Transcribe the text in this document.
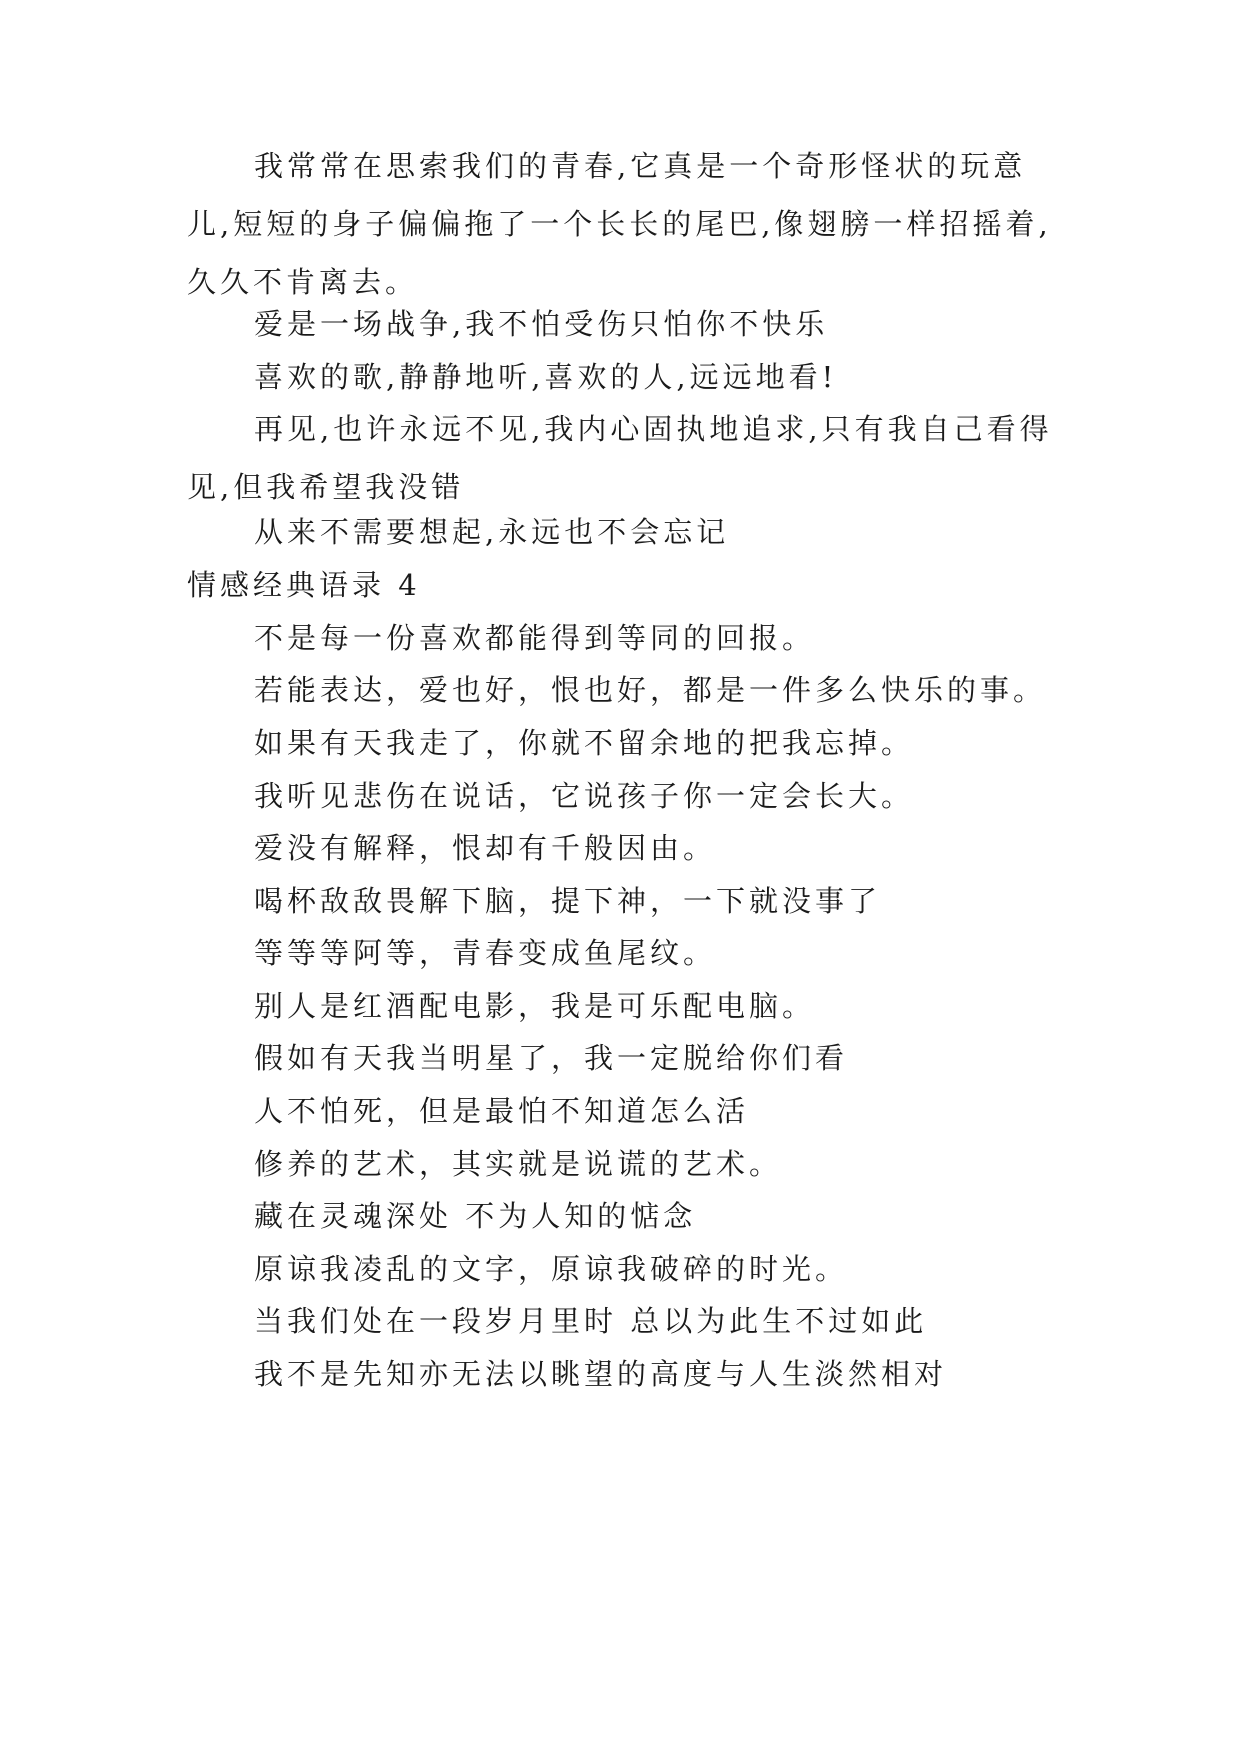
我常常在思索我们的青春,它真是一个奇形怪状的玩意儿,短短的身子偏偏拖了一个长长的尾巴,像翅膀一样招摇着,久久不肯离去。

爱是一场战争,我不怕受伤只怕你不快乐

喜欢的歌,静静地听,喜欢的人,远远地看!

再见,也许永远不见,我内心固执地追求,只有我自己看得见,但我希望我没错

从来不需要想起,永远也不会忘记

情感经典语录 4

不是每一份喜欢都能得到等同的回报。

若能表达，爱也好，恨也好，都是一件多么快乐的事。

如果有天我走了，你就不留余地的把我忘掉。

我听见悲伤在说话，它说孩子你一定会长大。

爱没有解释，恨却有千般因由。

喝杯敌敌畏解下脑，提下神，一下就没事了

等等等阿等，青春变成鱼尾纹。

别人是红酒配电影，我是可乐配电脑。

假如有天我当明星了，我一定脱给你们看

人不怕死，但是最怕不知道怎么活

修养的艺术，其实就是说谎的艺术。

藏在灵魂深处 不为人知的惦念

原谅我凌乱的文字，原谅我破碎的时光。

当我们处在一段岁月里时 总以为此生不过如此

我不是先知亦无法以眺望的高度与人生淡然相对
